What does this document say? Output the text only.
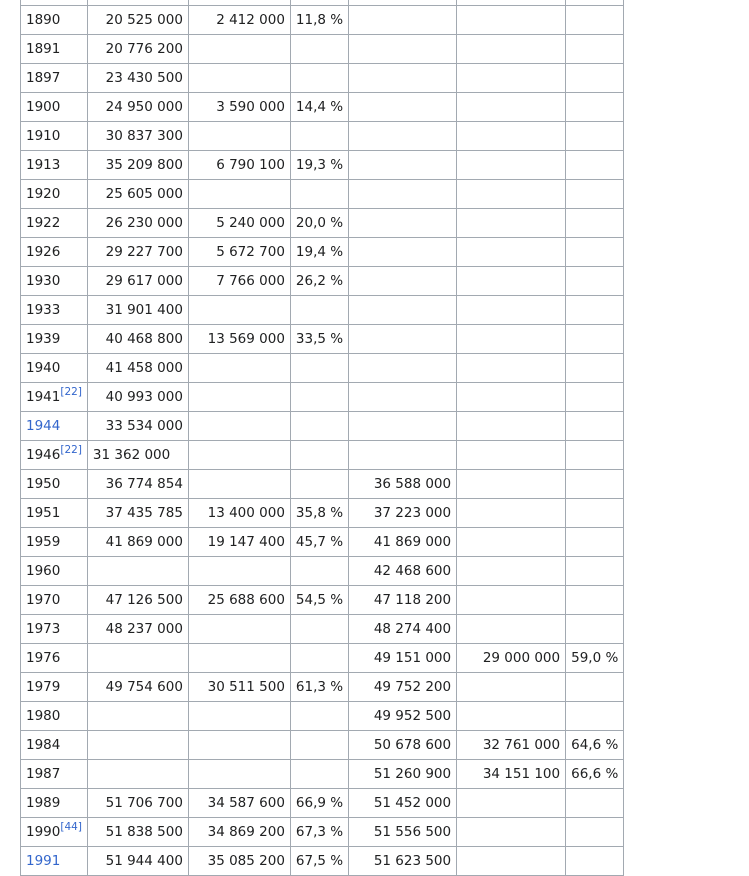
1890	20 525 000	2 412 000	11,8 %			
1891	20 776 200					
1897	23 430 500					
1900	24 950 000	3 590 000	14,4 %			
1910	30 837 300					
1913	35 209 800	6 790 100	19,3 %			
1920	25 605 000					
1922	26 230 000	5 240 000	20,0 %			
1926	29 227 700	5 672 700	19,4 %			
1930	29 617 000	7 766 000	26,2 %			
1933	31 901 400					
1939	40 468 800	13 569 000	33,5 %			
1940	41 458 000					
1941[22]	40 993 000					
1944	33 534 000					
1946[22]	31 362 000					
1950	36 774 854			36 588 000		
1951	37 435 785	13 400 000	35,8 %	37 223 000		
1959	41 869 000	19 147 400	45,7 %	41 869 000		
1960				42 468 600		
1970	47 126 500	25 688 600	54,5 %	47 118 200		
1973	48 237 000			48 274 400		
1976				49 151 000	29 000 000	59,0 %
1979	49 754 600	30 511 500	61,3 %	49 752 200		
1980				49 952 500		
1984				50 678 600	32 761 000	64,6 %
1987				51 260 900	34 151 100	66,6 %
1989	51 706 700	34 587 600	66,9 %	51 452 000		
1990[44]	51 838 500	34 869 200	67,3 %	51 556 500		
1991	51 944 400	35 085 200	67,5 %	51 623 500		
